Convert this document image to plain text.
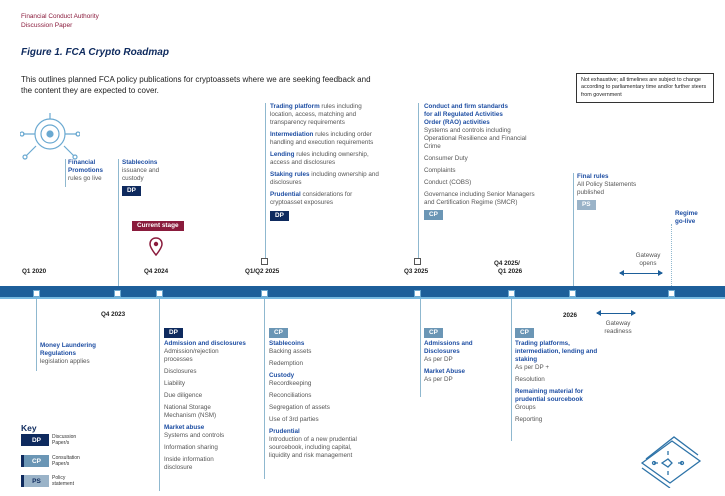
Financial Conduct Authority
Discussion Paper
Figure 1. FCA Crypto Roadmap
This outlines planned FCA policy publications for cryptoassets where we are seeking feedback and the content they are expected to cover.
Not exhaustive; all timelines are subject to change according to parliamentary time and/or further steers from government
Financial
Promotions
rules go live
Stablecoins
issuance and
custody
DP
Current stage
Trading platform rules including
location, access, matching and
transparency requirements
Intermediation rules including order
handling and execution requirements
Lending rules including ownership,
access and disclosures
Staking rules including ownership and
disclosures
Prudential considerations for
cryptoasset exposures
DP
Conduct and firm standards
for all Regulated Activities
Order (RAO) activities
Systems and controls including
Operational Resilience and Financial
Crime
Consumer Duty
Complaints
Conduct (COBS)
Governance including Senior Managers
and Certification Regime (SMCR)
CP
Final rules
All Policy Statements
published
PS
Regime
go-live
Gateway
opens
Q1 2020	Q4 2024	Q1/Q2 2025	Q3 2025
Q4 2025/
Q1 2026
Q4 2023	2026
Gateway
readiness
Money Laundering
Regulations
legislation applies
DP
Admission and disclosures
Admission/rejection
processes
Disclosures
Liability
Due diligence
National Storage
Mechanism (NSM)
Market abuse
Systems and controls
Information sharing
Inside information
disclosure
CP
Stablecoins
Backing assets
Redemption
Custody
Recordkeeping
Reconciliations
Segregation of assets
Use of 3rd parties
Prudential
Introduction of a new prudential
sourcebook, including capital,
liquidity and risk management
CP
Admissions and
Disclosures
As per DP
Market Abuse
As per DP
CP
Trading platforms,
intermediation, lending and
staking
As per DP +
Resolution
Remaining material for
prudential sourcebook
Groups
Reporting
Key
DP	Discussion
Paper/s
CP	Consultation
Paper/s
PS	Policy
statement
